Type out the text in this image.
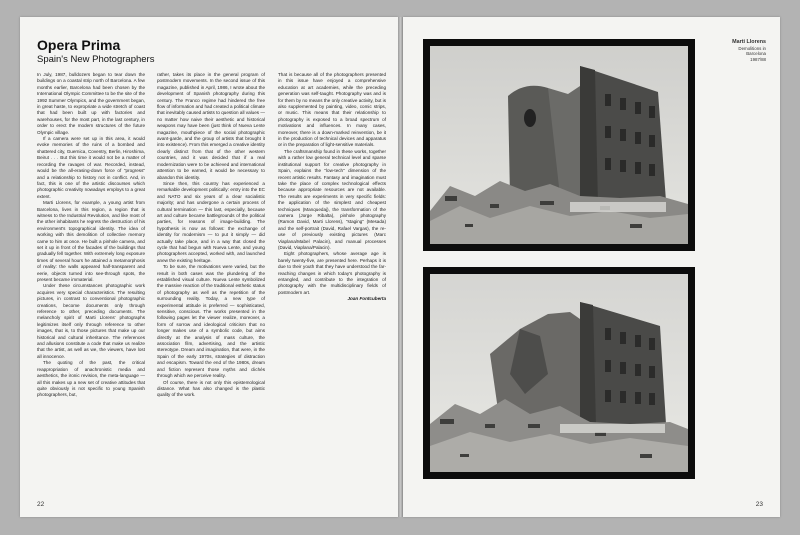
Opera Prima
Spain's New Photographers

In July, 1987, bulldozers began to tear down the buildings on a coastal strip north of Barcelona. A few months earlier, Barcelona had been chosen by the International Olympic Committee to be the site of the 1992 Summer Olympics, and the government began, in great haste, to expropriate a wide stretch of coast that had been built up with factories and warehouses, for the most part, in the last century, in order to erect the modern structures of the future Olympic village.

If a camera were set up in this area, it would evoke memories of the ruins of a bombed and shattered city, Guernica, Coventry, Berlin, Hiroshima, Beirut . . . But this time it would not be a matter of recording the ravages of war. Recorded, instead, would be the all-erasing-down force of "progress" and a relationship to history not in conflict. And, in fact, this is one of the artistic discourses which photographic creativity nowadays employs to a great extent.

Marti Llorens, for example, a young artist from Barcelona, lives in this region, a region that is witness to the Industrial Revolution, and like most of the other inhabitants he regrets the destruction of his environment's topographical identity. The idea of working with this demolition of collective memory came to him at once. He built a pinhole camera, and set it up in front of the facades of the buildings that gradually fell together. With extremely long exposure times of several hours he attained a metamorphosis of reality: the walls appeared half-transparent and eerie, objects turned into see-through spots, the present became immaterial.

Under these circumstances photographic work acquires very special characteristics. The resulting pictures, in contrast to conventional photographic creations, become documents only through reference to other, preceding documents. The melancholy spirit of Marti Llorens' photographs legitimizes itself only through reference to other images, that is, to those pictures that make up our historical and cultural inheritance. The references and allusions constitute a code that make us realize that the artist, as well as we, the viewers, have lost all innocence.

The quoting of the past, the critical reappropriation of anachronistic media and aesthetics, the ironic revision, the meta-language — all this makes up a new set of creative attitudes that quite obviously is not specific to young Spanish photographers, but,

rather, takes its place in the general program of postmodern movements. In the second issue of this magazine, published in April, 1986, I wrote about the development of Spanish photography during this century. The Franco regime had hindered the free flow of information and had created a political climate that inevitably caused artists to question all values — no matter how naive their aesthetic and historical weapons may have been (just think of Nueva Lente magazine, mouthpiece of the social photographic avant-garde, and the group of artists that brought it into existence). From this emerged a creative identity clearly distinct from that of the other western countries, and it was decided that if a real modernization were to be achieved and international attention to be earned, it would be necessary to abandon this identity.

Since then, this country has experienced a remarkable development politically: entry into the EC and NATO and six years of a clear socialistic majority; and has undergone a certain process of cultural termination — this last, especially, because art and culture became battlegrounds of the political parties, for reasons of image-building. The hypothesis is now as follows: the exchange of identity for modernism — to put it simply — did actually take place, and in a way that closed the cycle that had begun with Nueva Lente, and young photographers accepted, worked with, and launched anew the existing heritage.

To be sure, the motivations were varied, but the result in both cases was the plundering of the established visual culture. Nueva Lente symbolized the massive reaction of the traditional esthetic status of photography as well as the repetition of the surrounding reality. Today, a new type of experimental attitude is preferred — sophisticated, sensitive, conscious. The works presented in the following pages let the viewer realize, moreover, a form of sorrow and ideological criticism that no longer makes use of a symbolic code, but aims directly at the analysis of mass culture, the association film, advertising, and the artistic stereotype. Dream and imagination, that were, in the Spain of the early 1970s, strategies of distraction and escapism. Toward the end of the 1980s, dream and fiction represent those myths and clichés through which we perceive reality.

Of course, there is not only this epistemological distance. What has also changed is the plastic quality of the work.

That is because all of the photographers presented in this issue have enjoyed a comprehensive education at art academies, while the preceding generation was self-taught. Photography was and is for them by no means the only creative activity, but is also supplemented by painting, video, comic strips, or music. This means that their relationship to photography is exposed to a broad spectrum of motivations and influences. In many cases, moreover, there is a down-marked reinvention, be it in the production of technical devices and apparatus or in the preparation of light-sensitive materials.

The craftsmanship found in these works, together with a rather low general technical level and sparse institutional support for creative photography in Spain, explains the "low-tech" dimension of the recent artistic results. Fantasy and imagination must take the place of complex technological effects because appropriate resources are not available. The results are experiments in very specific fields: the application of the simplest and cheapest techniques (Manquedaj), the transformation of the camera (Jorge Ribalta), pinhole photography (Ramon David, Marti Llorens), "staging" (Mesada) and the self-portrait (David, Rafael Vargas), the re-use of previously existing pictures (Marc Viaplana/Mabel Palacin), and manual processes (David, Viaplana/Palacin).

Eight photographers, whose average age is barely twenty-five, are presented here. Perhaps it is due to their youth that they have understood the far-reaching changes in which today's photography is entangled, and contribute to the integration of photography with the multidisciplinary fields of postmodern art.

Joan Fontcuberta

22
Marti Llorens
Demolitions in
Barcelona
1987/88
23
